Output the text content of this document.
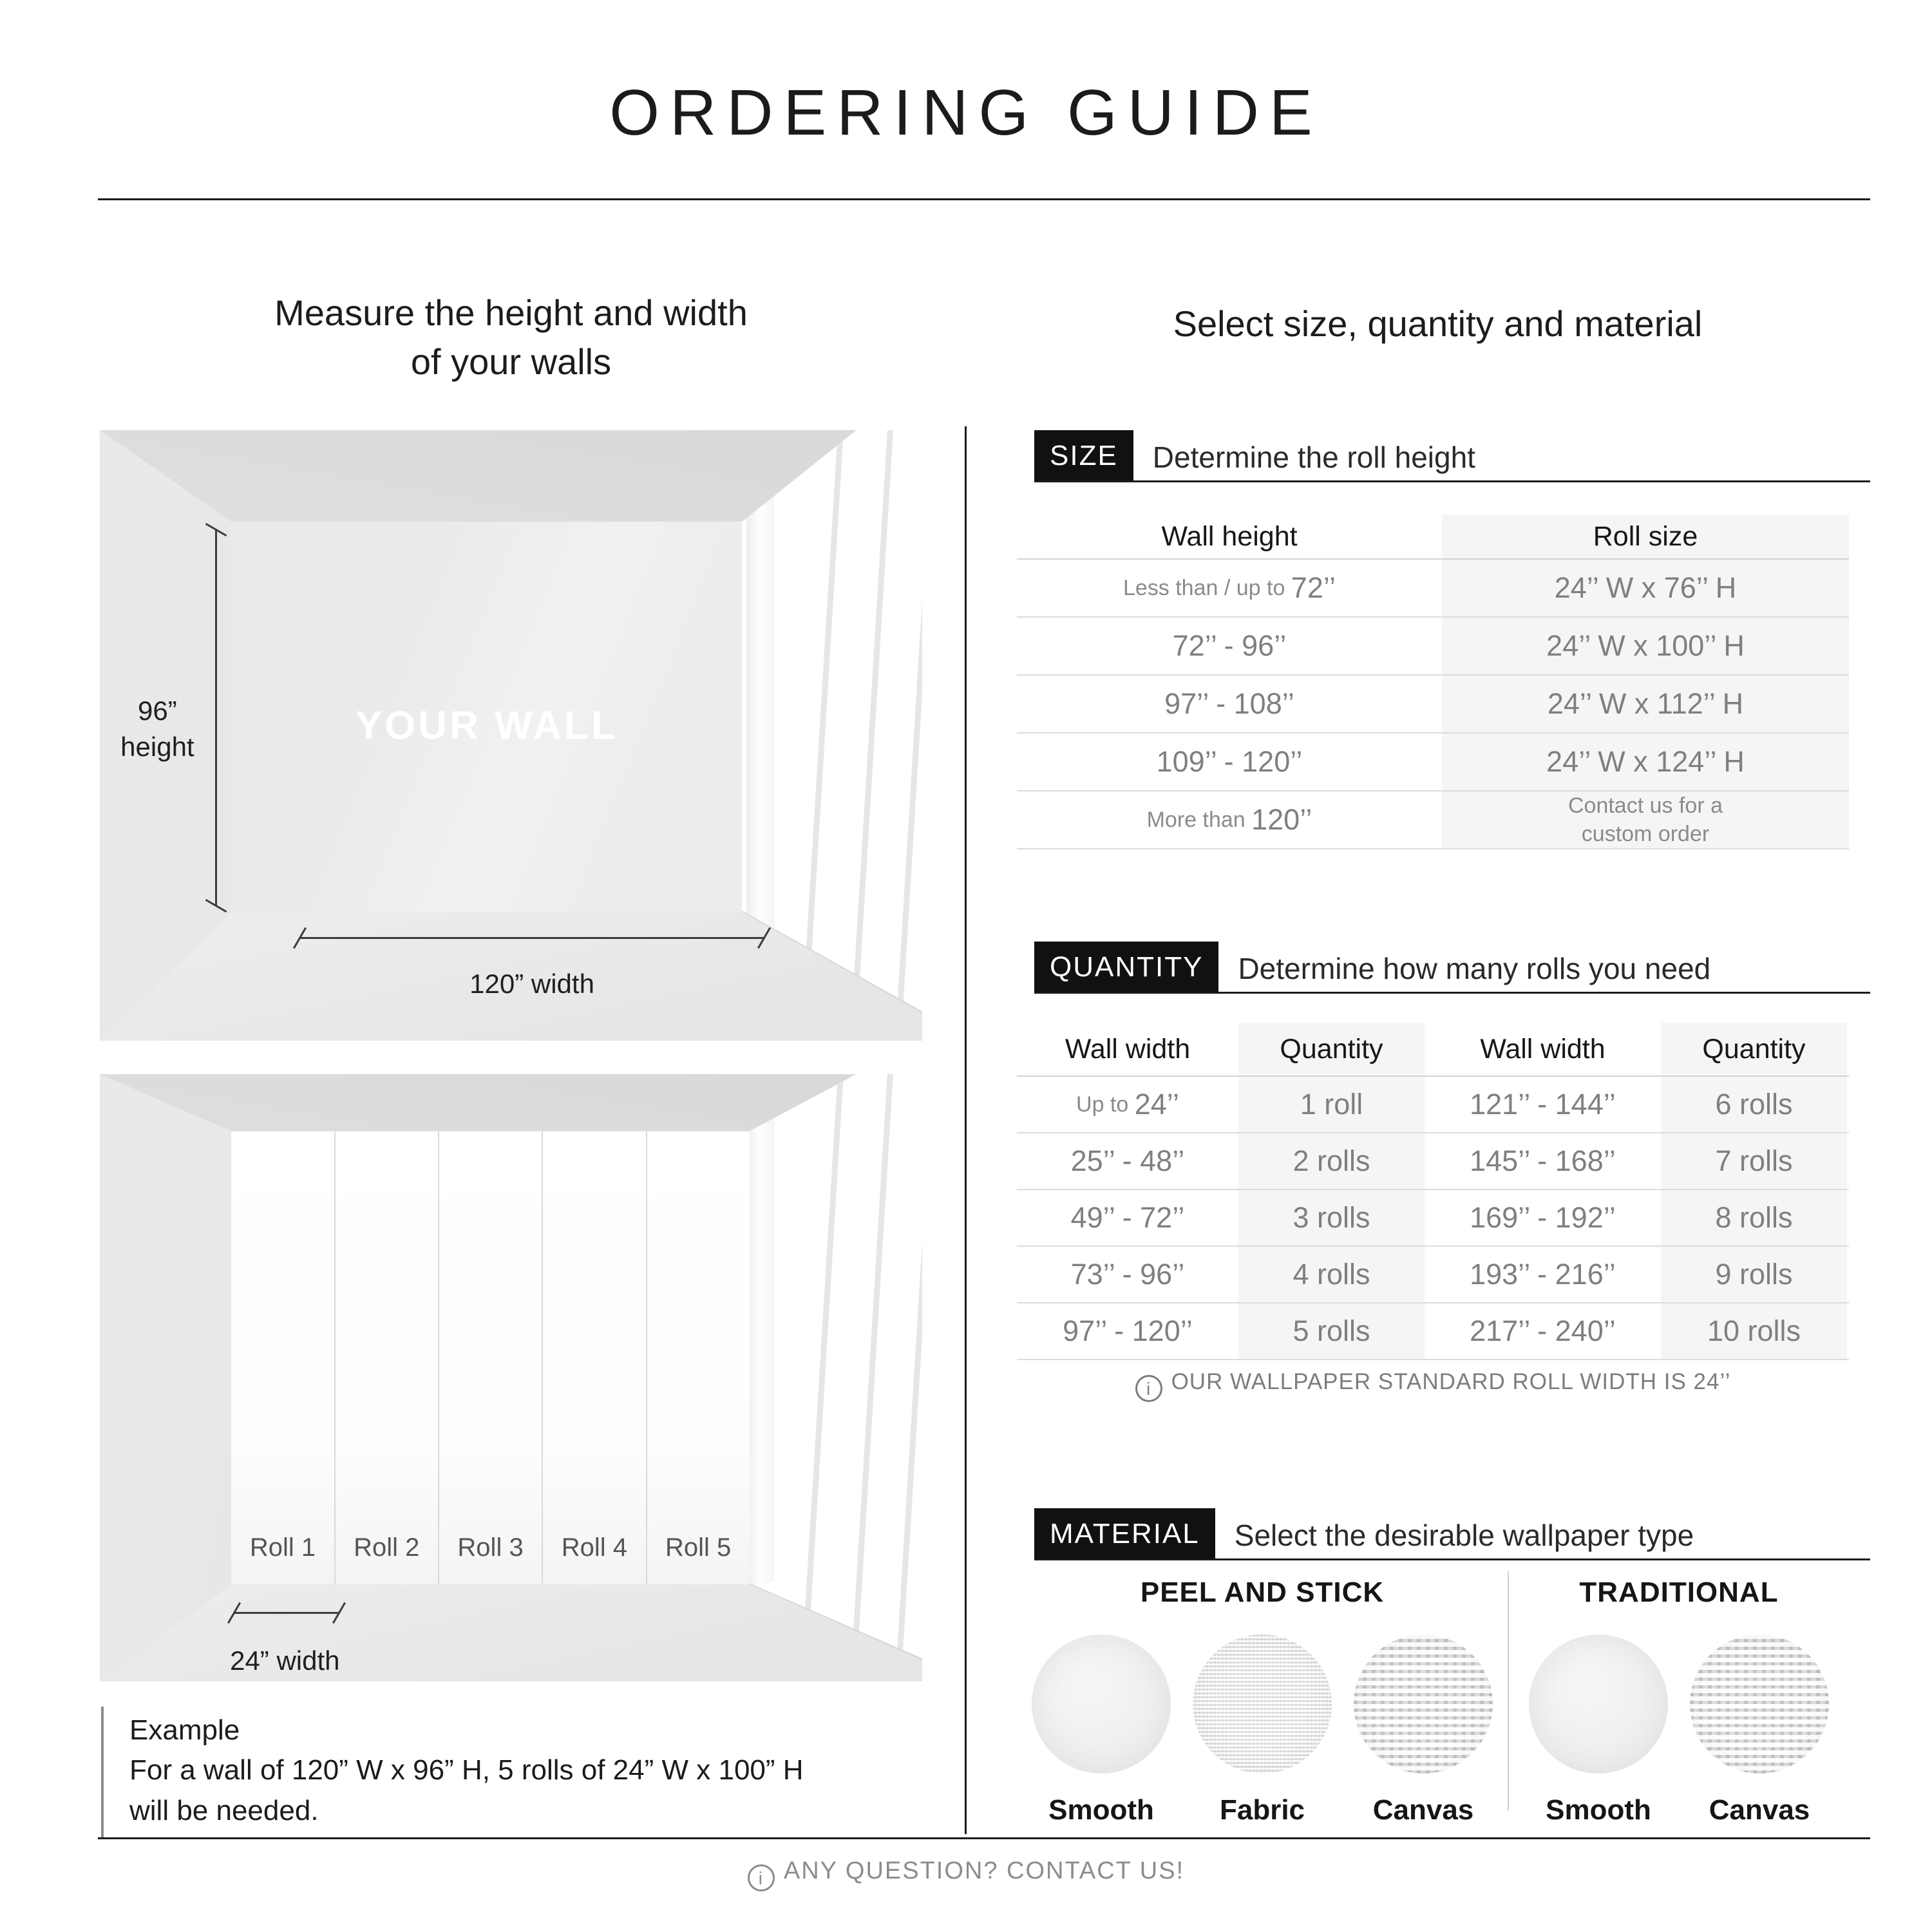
ORDERING GUIDE
Measure the height and width
of your walls
YOUR WALL
96”
height
120” width
Roll 1 Roll 2 Roll 3 Roll 4 Roll 5
24” width
Example
For a wall of 120” W x 96” H, 5 rolls of 24” W x 100” H
will be needed.
Select size, quantity and material
SIZE	Determine the roll height
Wall height	Roll size
Less than / up to 72’’	24’’ W x 76’’ H
72’’ - 96’’	24’’ W x 100’’ H
97’’ - 108’’	24’’ W x 112’’ H
109’’ - 120’’	24’’ W x 124’’ H
More than 120’’	Contact us for a
custom order
QUANTITY	Determine how many rolls you need
Wall width	Quantity	Wall width	Quantity
Up to 24’’	1 roll	121’’ - 144’’	6 rolls
25’’ - 48’’	2 rolls	145’’ - 168’’	7 rolls
49’’ - 72’’	3 rolls	169’’ - 192’’	8 rolls
73’’ - 96’’	4 rolls	193’’ - 216’’	9 rolls
97’’ - 120’’	5 rolls	217’’ - 240’’	10 rolls
i OUR WALLPAPER STANDARD ROLL WIDTH IS 24’’
MATERIAL	Select the desirable wallpaper type
PEEL AND STICK
Smooth Fabric Canvas
TRADITIONAL
Smooth Canvas
i ANY QUESTION? CONTACT US!
